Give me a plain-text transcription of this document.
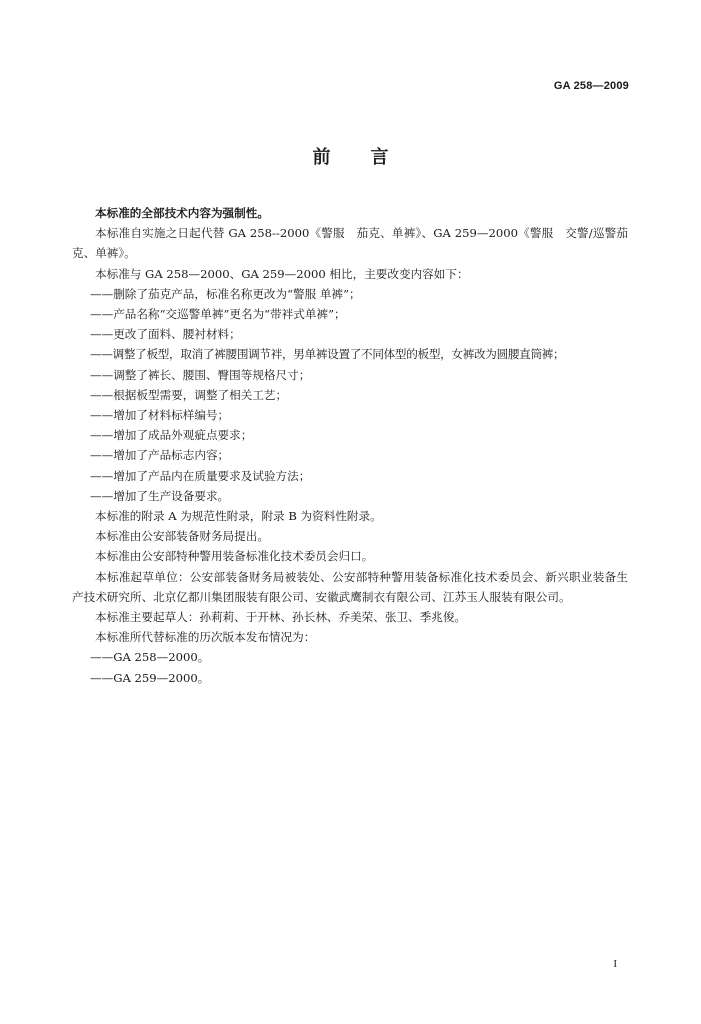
GA 258—2009
前 言

本标准的全部技术内容为强制性。

本标准自实施之日起代替 GA 258--2000《警服　茄克、单裤》、GA 259—2000《警服　交警/巡警茄克、单裤》。

本标准与 GA 258—2000、GA 259—2000 相比，主要改变内容如下：

——删除了茄克产品，标准名称更改为“警服 单裤”；

——产品名称“交巡警单裤”更名为“带袢式单裤”；

——更改了面料、腰衬材料；

——调整了板型，取消了裤腰围调节袢，男单裤设置了不同体型的板型，女裤改为圆腰直筒裤；

——调整了裤长、腰围、臀围等规格尺寸；

——根据板型需要，调整了相关工艺；

——增加了材料标样编号；

——增加了成品外观疵点要求；

——增加了产品标志内容；

——增加了产品内在质量要求及试验方法；

——增加了生产设备要求。

本标准的附录 A 为规范性附录，附录 B 为资料性附录。

本标准由公安部装备财务局提出。

本标准由公安部特种警用装备标准化技术委员会归口。

本标准起草单位：公安部装备财务局被装处、公安部特种警用装备标准化技术委员会、新兴职业装备生产技术研究所、北京亿都川集团服装有限公司、安徽武鹰制衣有限公司、江苏玉人服装有限公司。

本标准主要起草人：孙莉莉、于开林、孙长林、乔美荣、张卫、季兆俊。

本标准所代替标准的历次版本发布情况为：

——GA 258—2000。

——GA 259—2000。

I
